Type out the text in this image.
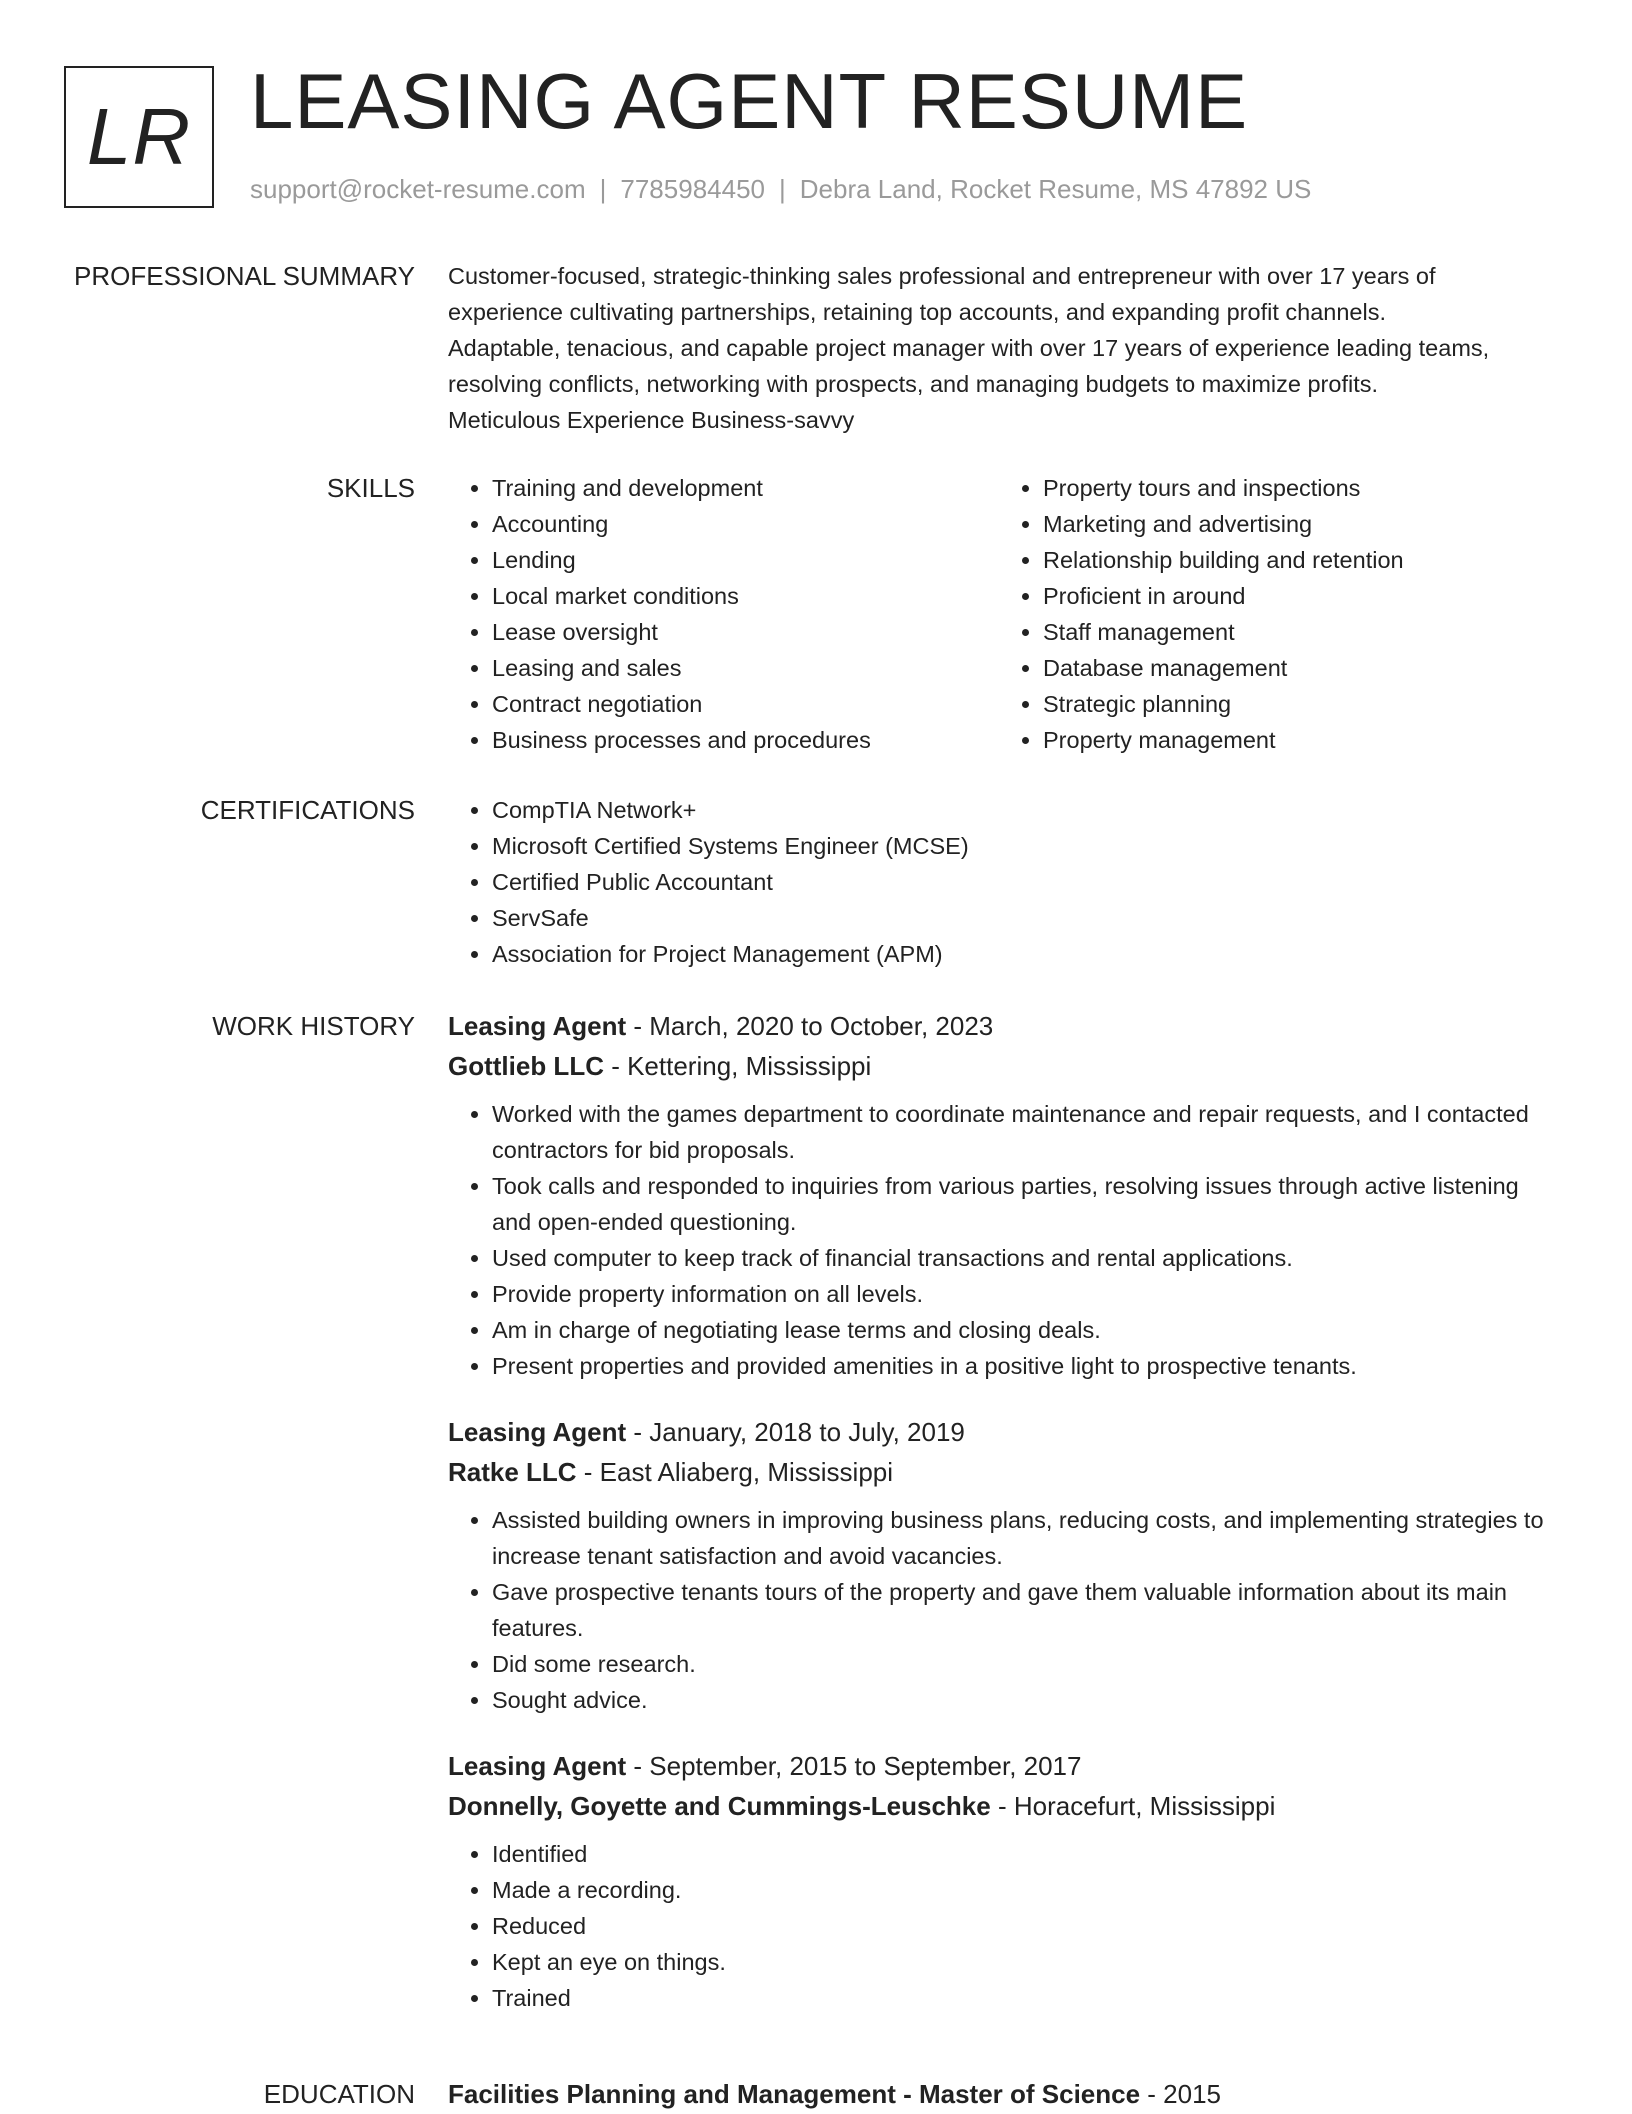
LR LEASING AGENT RESUME
support@rocket-resume.com | 7785984450 | Debra Land, Rocket Resume, MS 47892 US
PROFESSIONAL SUMMARY Customer-focused, strategic-thinking sales professional and entrepreneur with over 17 years of
experience cultivating partnerships, retaining top accounts, and expanding profit channels.
Adaptable, tenacious, and capable project manager with over 17 years of experience leading teams,
resolving conflicts, networking with prospects, and managing budgets to maximize profits.
Meticulous Experience Business-savvy
SKILLS	• Training and development
• Accounting
• Lending
• Local market conditions
• Lease oversight
• Leasing and sales
• Contract negotiation
• Business processes and procedures
• Property tours and inspections
• Marketing and advertising
• Relationship building and retention
• Proficient in around
• Staff management
• Database management
• Strategic planning
• Property management
CERTIFICATIONS	• CompTIA Network+
• Microsoft Certified Systems Engineer (MCSE)
• Certified Public Accountant
• ServSafe
• Association for Project Management (APM)
WORK HISTORY Leasing Agent - March, 2020 to October, 2023
Gottlieb LLC - Kettering, Mississippi
• Worked with the games department to coordinate maintenance and repair requests, and I contacted contractors for bid proposals.
• Took calls and responded to inquiries from various parties, resolving issues through active listening and open-ended questioning.
• Used computer to keep track of financial transactions and rental applications.
• Provide property information on all levels.
• Am in charge of negotiating lease terms and closing deals.
• Present properties and provided amenities in a positive light to prospective tenants.
Leasing Agent - January, 2018 to July, 2019
Ratke LLC - East Aliaberg, Mississippi
• Assisted building owners in improving business plans, reducing costs, and implementing strategies to increase tenant satisfaction and avoid vacancies.
• Gave prospective tenants tours of the property and gave them valuable information about its main features.
• Did some research.
• Sought advice.
Leasing Agent - September, 2015 to September, 2017
Donnelly, Goyette and Cummings-Leuschke - Horacefurt, Mississippi
• Identified
• Made a recording.
• Reduced
• Kept an eye on things.
• Trained
EDUCATION Facilities Planning and Management - Master of Science - 2015
